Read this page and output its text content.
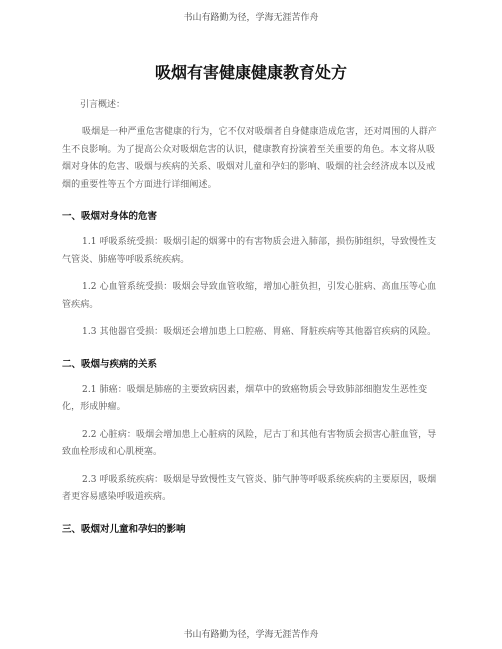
书山有路勤为径，学海无涯苦作舟
吸烟有害健康健康教育处方
引言概述：

吸烟是一种严重危害健康的行为，它不仅对吸烟者自身健康造成危害，还对周围的人群产生不良影响。为了提高公众对吸烟危害的认识，健康教育扮演着至关重要的角色。本文将从吸烟对身体的危害、吸烟与疾病的关系、吸烟对儿童和孕妇的影响、吸烟的社会经济成本以及戒烟的重要性等五个方面进行详细阐述。

一、吸烟对身体的危害

1.1 呼吸系统受损：吸烟引起的烟雾中的有害物质会进入肺部，损伤肺组织，导致慢性支气管炎、肺癌等呼吸系统疾病。

1.2 心血管系统受损：吸烟会导致血管收缩，增加心脏负担，引发心脏病、高血压等心血管疾病。

1.3 其他器官受损：吸烟还会增加患上口腔癌、胃癌、肾脏疾病等其他器官疾病的风险。

二、吸烟与疾病的关系

2.1 肺癌：吸烟是肺癌的主要致病因素，烟草中的致癌物质会导致肺部细胞发生恶性变化，形成肿瘤。

2.2 心脏病：吸烟会增加患上心脏病的风险，尼古丁和其他有害物质会损害心脏血管，导致血栓形成和心肌梗塞。

2.3 呼吸系统疾病：吸烟是导致慢性支气管炎、肺气肿等呼吸系统疾病的主要原因，吸烟者更容易感染呼吸道疾病。

三、吸烟对儿童和孕妇的影响
书山有路勤为径，学海无涯苦作舟
